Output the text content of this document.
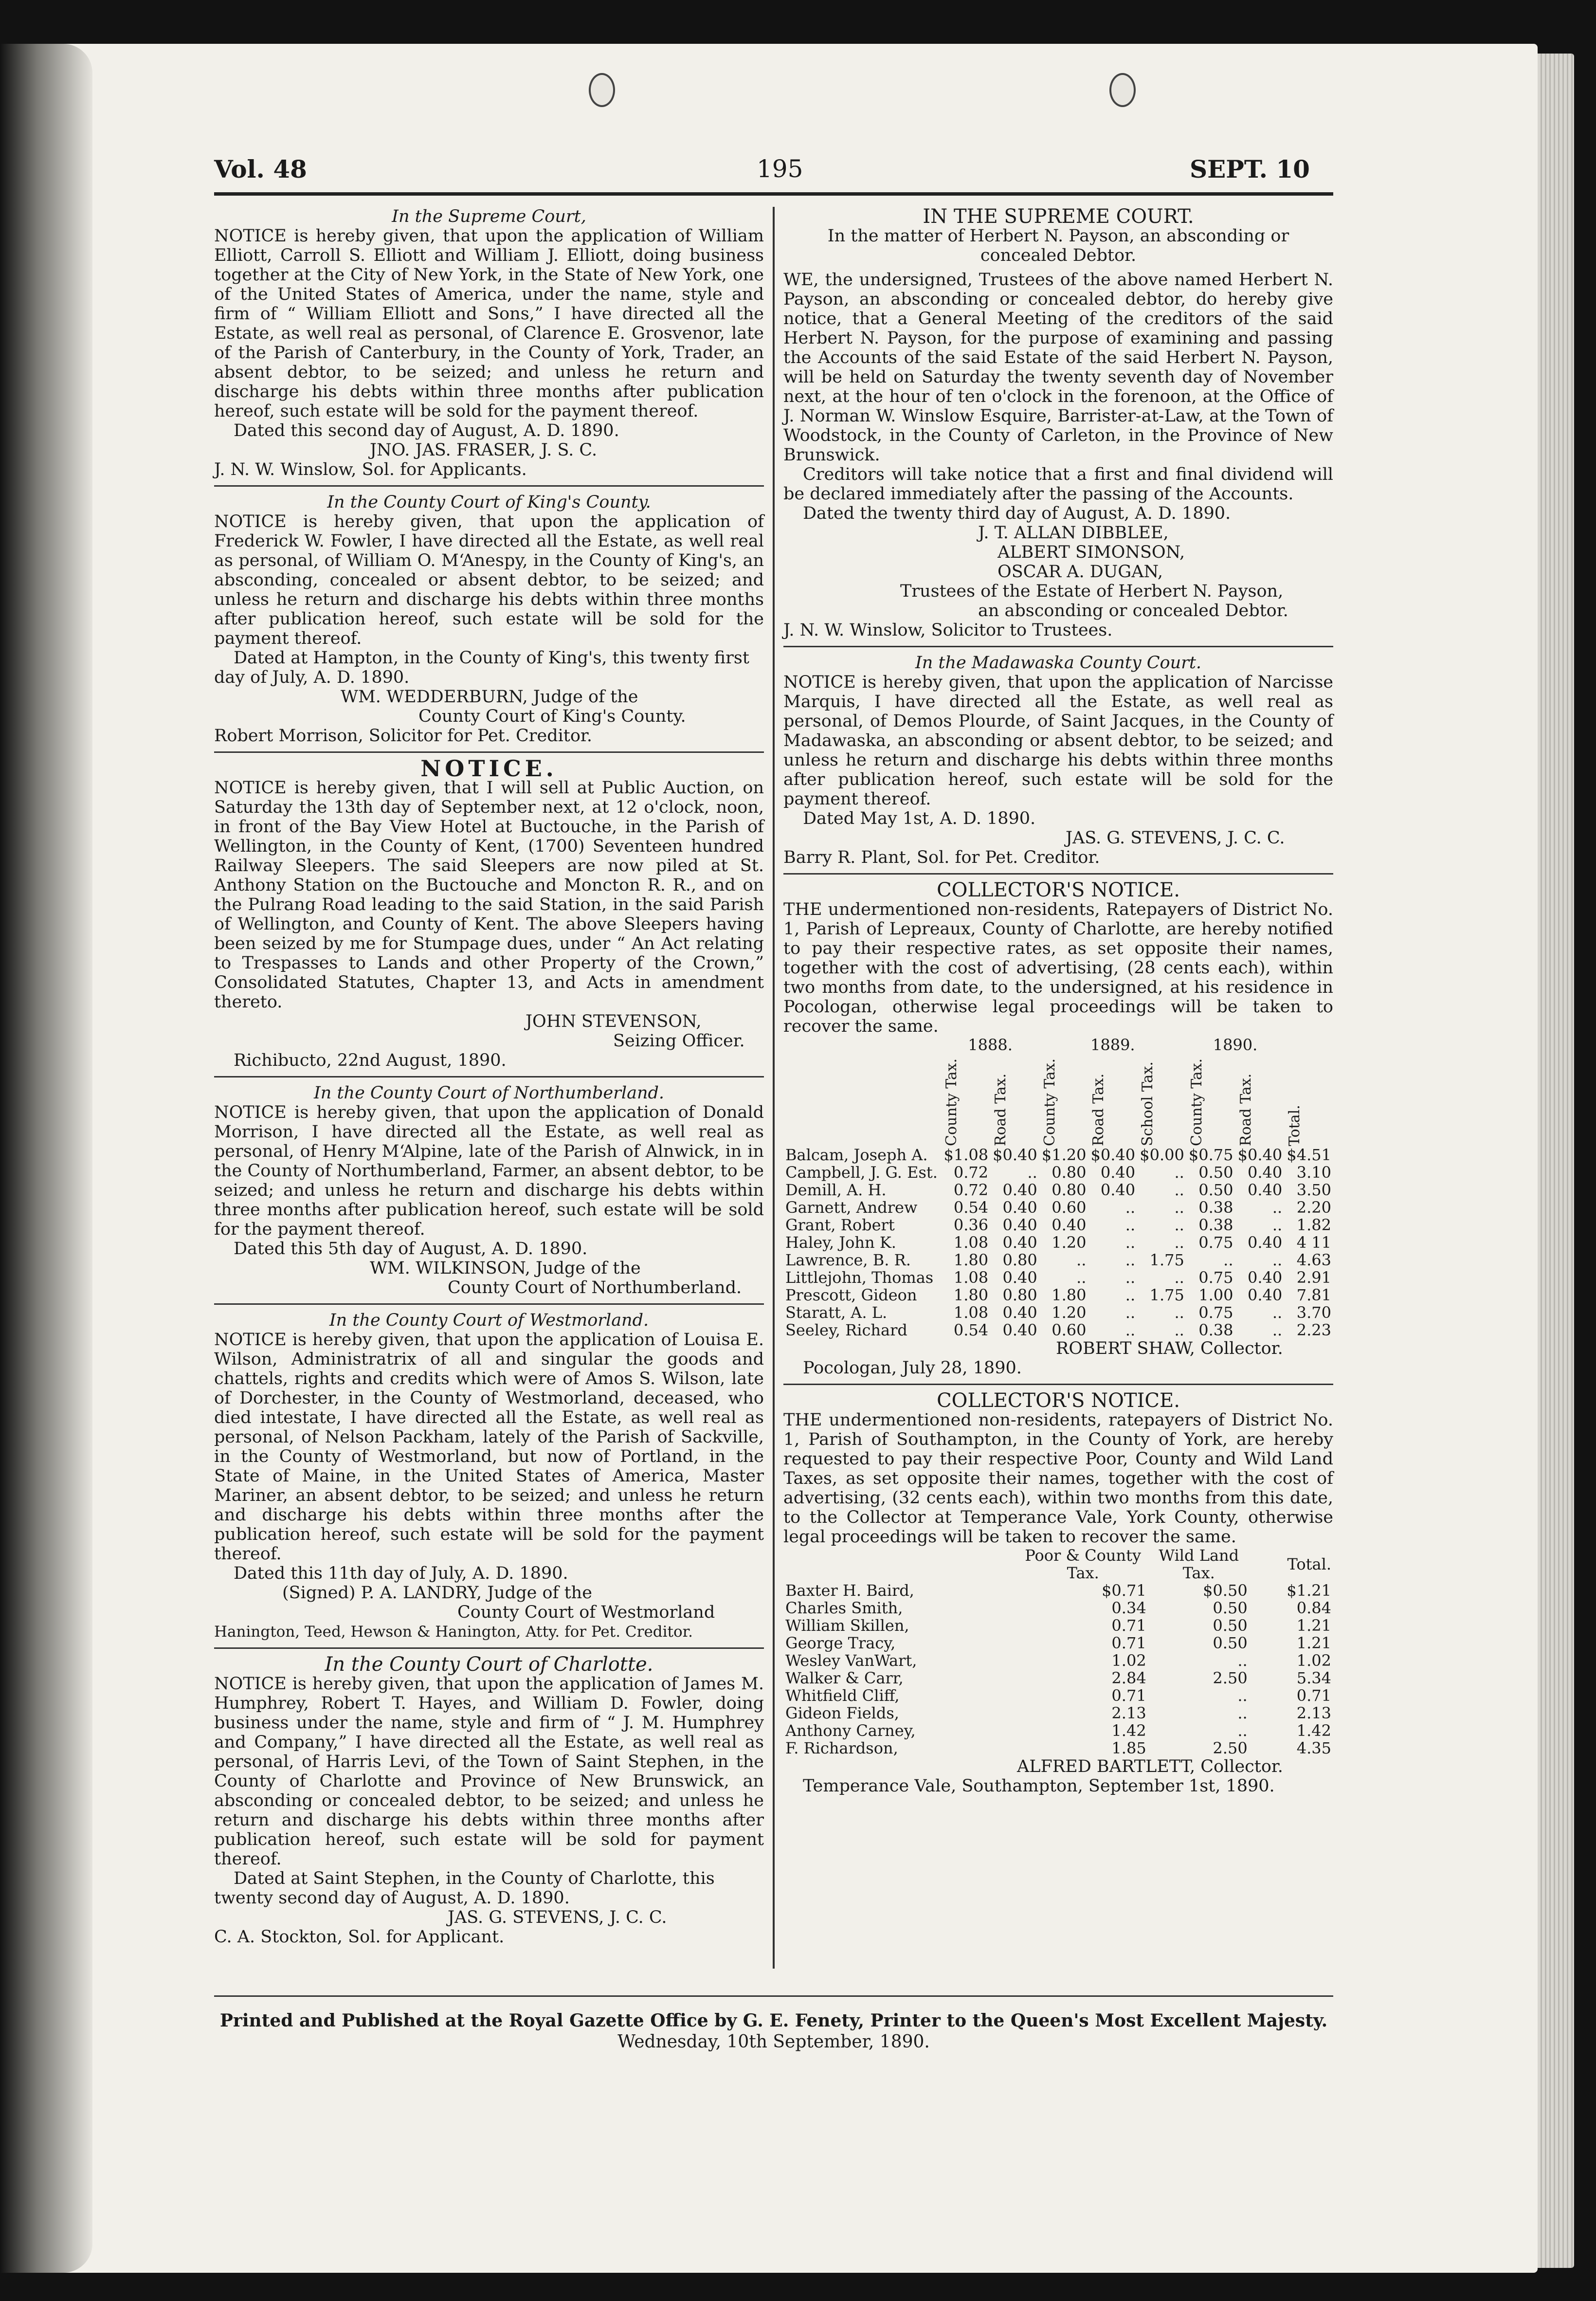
Vol. 48	195	SEPT. 10
In the Supreme Court,
NOTICE is hereby given, that upon the application of William Elliott, Carroll S. Elliott and William J. Elliott, doing business together at the City of New York, in the State of New York, one of the United States of America, under the name, style and firm of “ William Elliott and Sons,” I have directed all the Estate, as well real as personal, of Clarence E. Grosvenor, late of the Parish of Canterbury, in the County of York, Trader, an absent debtor, to be seized; and unless he return and discharge his debts within three months after publication hereof, such estate will be sold for the payment thereof.
Dated this second day of August, A. D. 1890.
JNO. JAS. FRASER, J. S. C.
J. N. W. Winslow, Sol. for Applicants.
In the County Court of King's County.
NOTICE is hereby given, that upon the application of Frederick W. Fowler, I have directed all the Estate, as well real as personal, of William O. M‘Anespy, in the County of King's, an absconding, concealed or absent debtor, to be seized; and unless he return and discharge his debts within three months after publication hereof, such estate will be sold for the payment thereof.
Dated at Hampton, in the County of King's, this twenty first day of July, A. D. 1890.
WM. WEDDERBURN, Judge of the
County Court of King's County.
Robert Morrison, Solicitor for Pet. Creditor.
NOTICE.
NOTICE is hereby given, that I will sell at Public Auction, on Saturday the 13th day of September next, at 12 o'clock, noon, in front of the Bay View Hotel at Buctouche, in the Parish of Wellington, in the County of Kent, (1700) Seventeen hundred Railway Sleepers. The said Sleepers are now piled at St. Anthony Station on the Buctouche and Moncton R. R., and on the Pulrang Road leading to the said Station, in the said Parish of Wellington, and County of Kent. The above Sleepers having been seized by me for Stumpage dues, under “ An Act relating to Trespasses to Lands and other Property of the Crown,” Consolidated Statutes, Chapter 13, and Acts in amendment thereto.
JOHN STEVENSON,
Seizing Officer.
Richibucto, 22nd August, 1890.
In the County Court of Northumberland.
NOTICE is hereby given, that upon the application of Donald Morrison, I have directed all the Estate, as well real as personal, of Henry M‘Alpine, late of the Parish of Alnwick, in in the County of Northumberland, Farmer, an absent debtor, to be seized; and unless he return and discharge his debts within three months after publication hereof, such estate will be sold for the payment thereof.
Dated this 5th day of August, A. D. 1890.
WM. WILKINSON, Judge of the
County Court of Northumberland.
In the County Court of Westmorland.
NOTICE is hereby given, that upon the application of Louisa E. Wilson, Administratrix of all and singular the goods and chattels, rights and credits which were of Amos S. Wilson, late of Dorchester, in the County of Westmorland, deceased, who died intestate, I have directed all the Estate, as well real as personal, of Nelson Packham, lately of the Parish of Sackville, in the County of Westmorland, but now of Portland, in the State of Maine, in the United States of America, Master Mariner, an absent debtor, to be seized; and unless he return and discharge his debts within three months after the publication hereof, such estate will be sold for the payment thereof.
Dated this 11th day of July, A. D. 1890.
(Signed) P. A. LANDRY, Judge of the
County Court of Westmorland
Hanington, Teed, Hewson & Hanington, Atty. for Pet. Creditor.
In the County Court of Charlotte.
NOTICE is hereby given, that upon the application of James M. Humphrey, Robert T. Hayes, and William D. Fowler, doing business under the name, style and firm of “ J. M. Humphrey and Company,” I have directed all the Estate, as well real as personal, of Harris Levi, of the Town of Saint Stephen, in the County of Charlotte and Province of New Brunswick, an absconding or concealed debtor, to be seized; and unless he return and discharge his debts within three months after publication hereof, such estate will be sold for payment thereof.
Dated at Saint Stephen, in the County of Charlotte, this twenty second day of August, A. D. 1890.
JAS. G. STEVENS, J. C. C.
C. A. Stockton, Sol. for Applicant.
IN THE SUPREME COURT.
In the matter of Herbert N. Payson, an absconding or concealed Debtor.
WE, the undersigned, Trustees of the above named Herbert N. Payson, an absconding or concealed debtor, do hereby give notice, that a General Meeting of the creditors of the said Herbert N. Payson, for the purpose of examining and passing the Accounts of the said Estate of the said Herbert N. Payson, will be held on Saturday the twenty seventh day of November next, at the hour of ten o'clock in the forenoon, at the Office of J. Norman W. Winslow Esquire, Barrister-at-Law, at the Town of Woodstock, in the County of Carleton, in the Province of New Brunswick.
Creditors will take notice that a first and final dividend will be declared immediately after the passing of the Accounts.
Dated the twenty third day of August, A. D. 1890.
J. T. ALLAN DIBBLEE,
ALBERT SIMONSON,
OSCAR A. DUGAN,
Trustees of the Estate of Herbert N. Payson,
an absconding or concealed Debtor.
J. N. W. Winslow, Solicitor to Trustees.
In the Madawaska County Court.
NOTICE is hereby given, that upon the application of Narcisse Marquis, I have directed all the Estate, as well real as personal, of Demos Plourde, of Saint Jacques, in the County of Madawaska, an absconding or absent debtor, to be seized; and unless he return and discharge his debts within three months after publication hereof, such estate will be sold for the payment thereof.
Dated May 1st, A. D. 1890.
JAS. G. STEVENS, J. C. C.
Barry R. Plant, Sol. for Pet. Creditor.
COLLECTOR'S NOTICE.
THE undermentioned non-residents, Ratepayers of District No. 1, Parish of Lepreaux, County of Charlotte, are hereby notified to pay their respective rates, as set opposite their names, together with the cost of advertising, (28 cents each), within two months from date, to the undersigned, at his residence in Pocologan, otherwise legal proceedings will be taken to recover the same.
	1888.		1889.			1890.		

	County Tax.	Road Tax.	County Tax.	Road Tax.	School Tax.	County Tax.	Road Tax.	Total.

Balcam, Joseph A.	$1.08	$0.40	$1.20	$0.40	$0.00	$0.75	$0.40	$4.51
Campbell, J. G. Est.	0.72	..	0.80	0.40	..	0.50	0.40	3.10
Demill, A. H.	0.72	0.40	0.80	0.40	..	0.50	0.40	3.50
Garnett, Andrew	0.54	0.40	0.60	..	..	0.38	..	2.20
Grant, Robert	0.36	0.40	0.40	..	..	0.38	..	1.82
Haley, John K.	1.08	0.40	1.20	..	..	0.75	0.40	4 11
Lawrence, B. R.	1.80	0.80	..	..	1.75	..	..	4.63
Littlejohn, Thomas	1.08	0.40	..	..	..	0.75	0.40	2.91
Prescott, Gideon	1.80	0.80	1.80	..	1.75	1.00	0.40	7.81
Staratt, A. L.	1.08	0.40	1.20	..	..	0.75	..	3.70
Seeley, Richard	0.54	0.40	0.60	..	..	0.38	..	2.23
ROBERT SHAW, Collector.
Pocologan, July 28, 1890.
COLLECTOR'S NOTICE.
THE undermentioned non-residents, ratepayers of District No. 1, Parish of Southampton, in the County of York, are hereby requested to pay their respective Poor, County and Wild Land Taxes, as set opposite their names, together with the cost of advertising, (32 cents each), within two months from this date, to the Collector at Temperance Vale, York County, otherwise legal proceedings will be taken to recover the same.
	Poor & County Tax.	Wild Land Tax.	Total.
Baxter H. Baird,	$0.71	$0.50	$1.21
Charles Smith,	0.34	0.50	0.84
William Skillen,	0.71	0.50	1.21
George Tracy,	0.71	0.50	1.21
Wesley VanWart,	1.02	..	1.02
Walker & Carr,	2.84	2.50	5.34
Whitfield Cliff,	0.71	..	0.71
Gideon Fields,	2.13	..	2.13
Anthony Carney,	1.42	..	1.42
F. Richardson,	1.85	2.50	4.35
ALFRED BARTLETT, Collector.
Temperance Vale, Southampton, September 1st, 1890.
Printed and Published at the Royal Gazette Office by G. E. Fenety, Printer to the Queen's Most Excellent Majesty.
Wednesday, 10th September, 1890.
